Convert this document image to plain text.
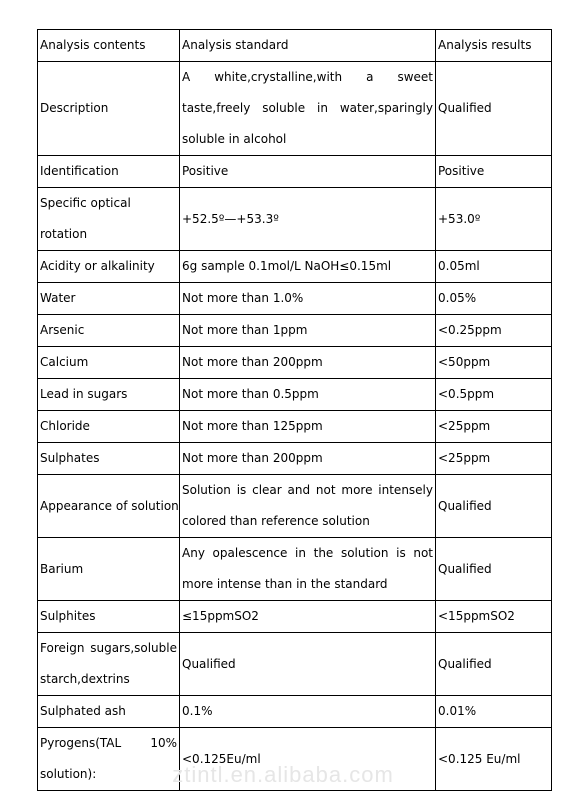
Analysis contents	Analysis standard	Analysis results
Description	A white,crystalline,with a sweet taste,freely soluble in water,sparingly soluble in alcohol	Qualified
Identification	Positive	Positive
Specific optical rotation	+52.5º—+53.3º	+53.0º
Acidity or alkalinity	6g sample 0.1mol/L NaOH≤0.15ml	0.05ml
Water	Not more than 1.0%	0.05%
Arsenic	Not more than 1ppm	<0.25ppm
Calcium	Not more than 200ppm	<50ppm
Lead in sugars	Not more than 0.5ppm	<0.5ppm
Chloride	Not more than 125ppm	<25ppm
Sulphates	Not more than 200ppm	<25ppm
Appearance of solution	Solution is clear and not more intensely colored than reference solution	Qualified
Barium	Any opalescence in the solution is not more intense than in the standard	Qualified
Sulphites	≤15ppmSO2	<15ppmSO2
Foreign sugars,soluble starch,dextrins	Qualified	Qualified
Sulphated ash	0.1%	0.01%
Pyrogens(TAL 10% solution):	<0.125Eu/ml	<0.125 Eu/ml
ztintl.en.alibaba.com
